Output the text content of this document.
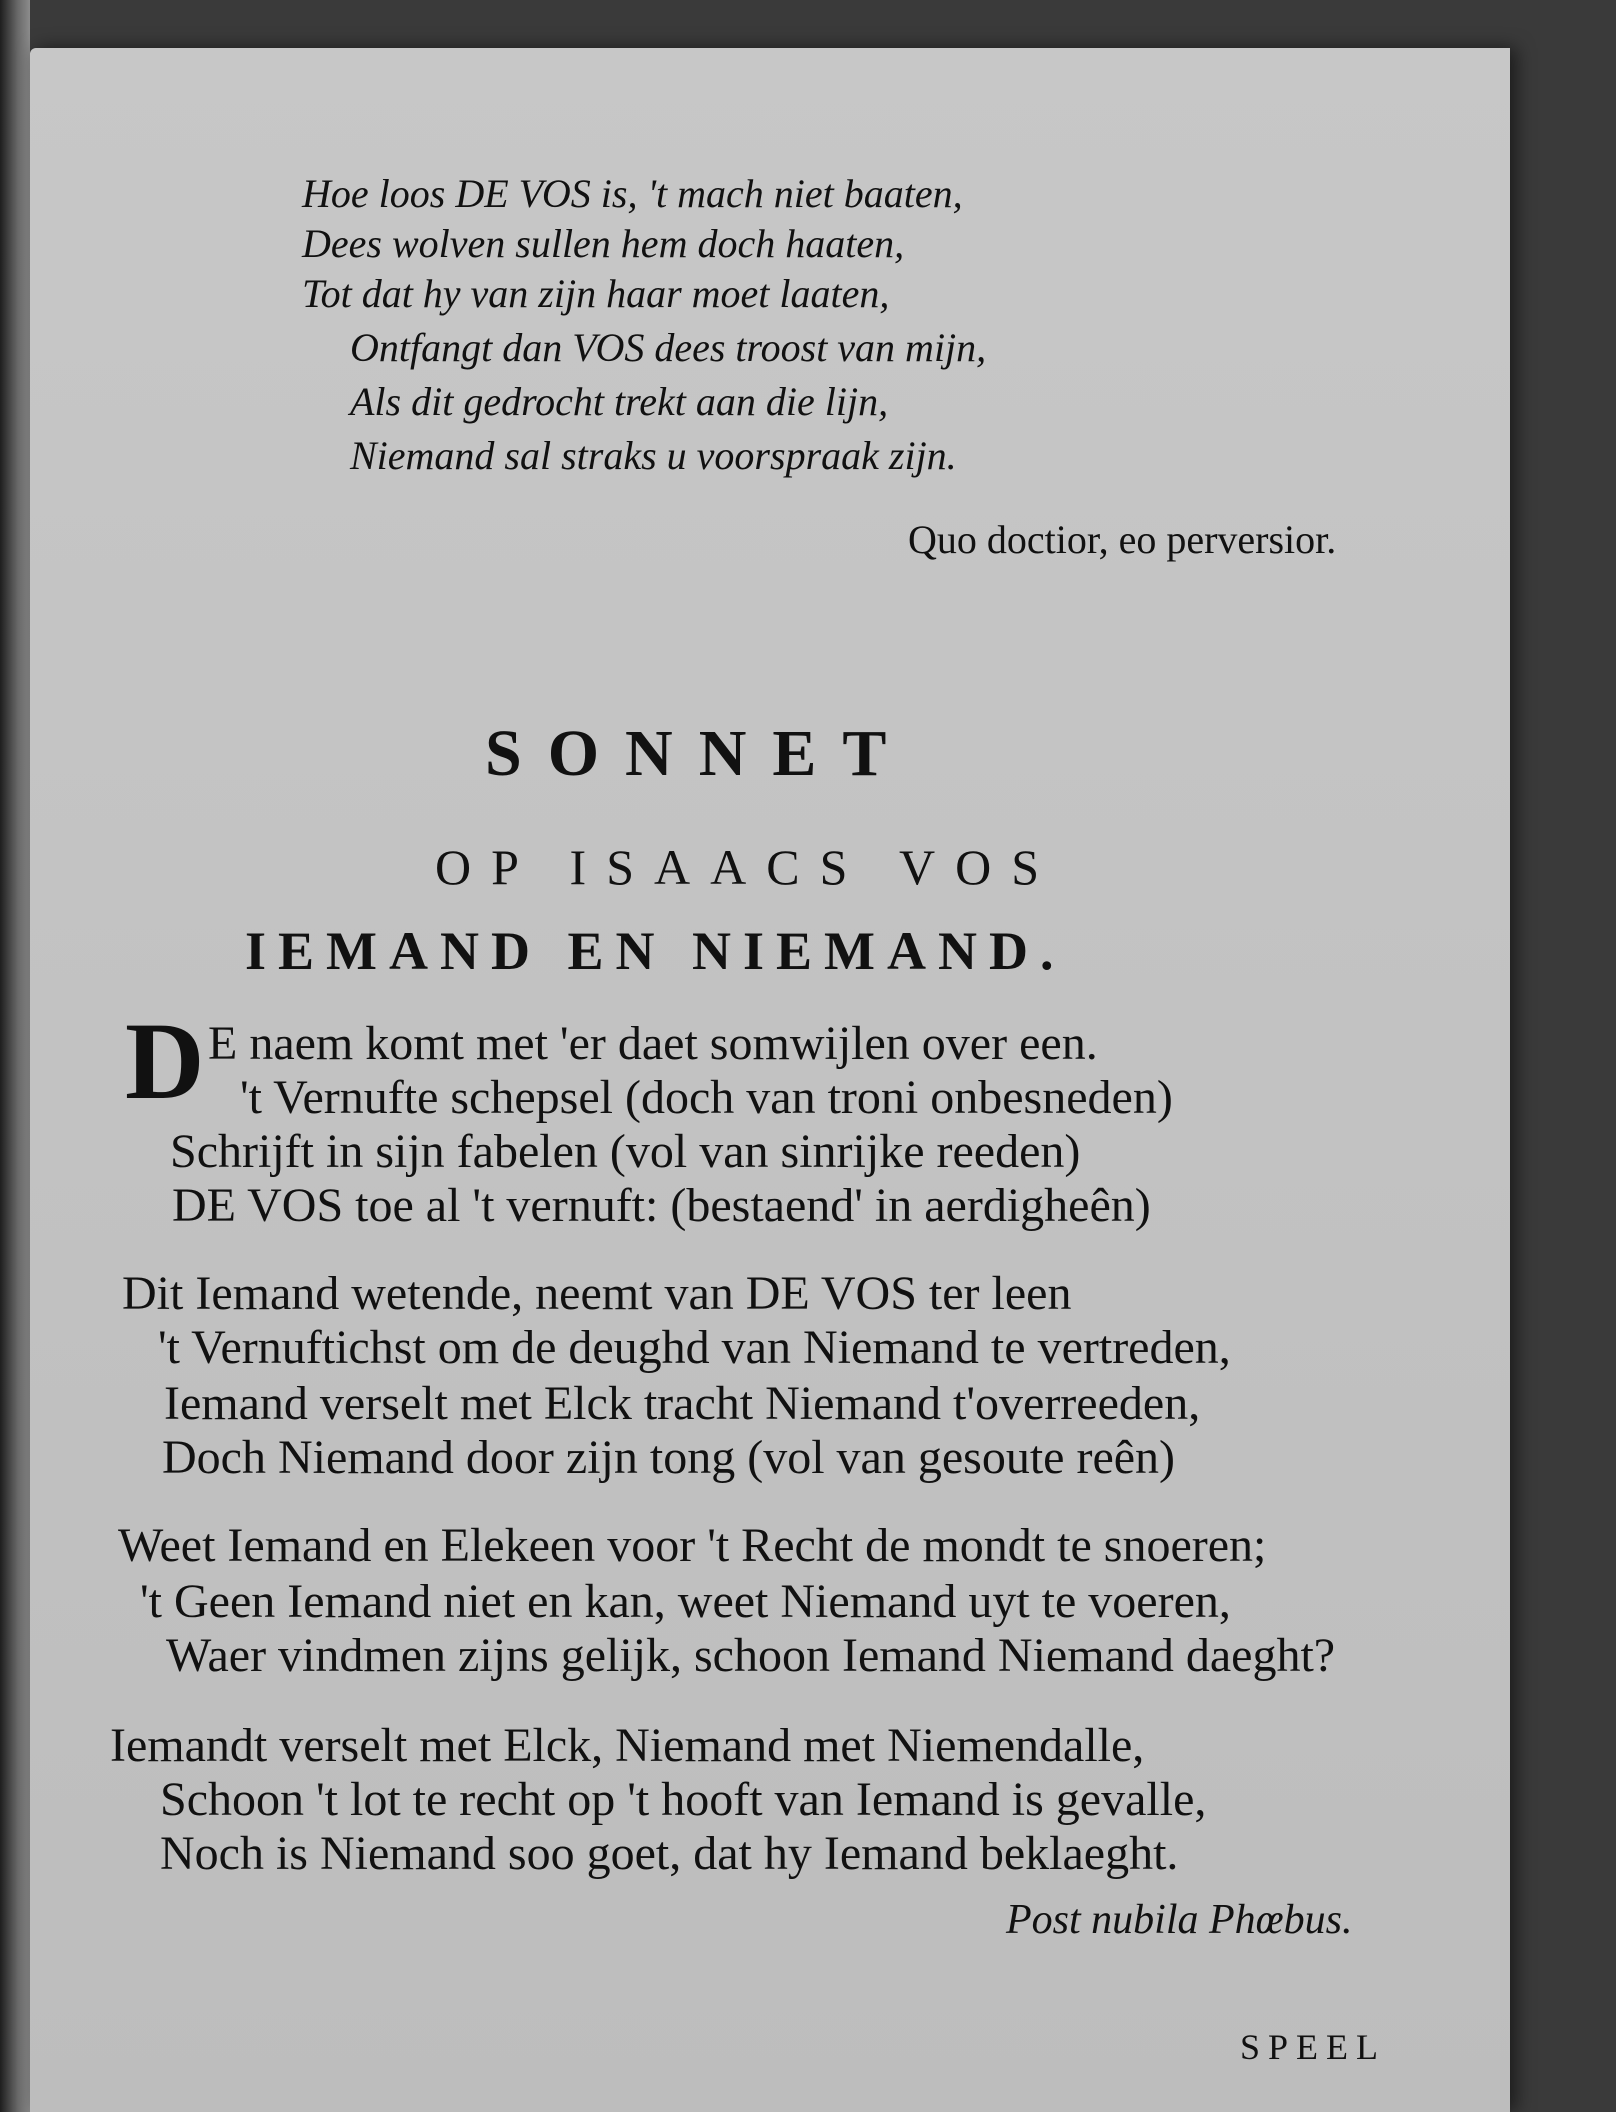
Hoe loos DE VOS is, 't mach niet baaten,
Dees wolven sullen hem doch haaten,
Tot dat hy van zijn haar moet laaten,
Ontfangt dan VOS dees troost van mijn,
Als dit gedrocht trekt aan die lijn,
Niemand sal straks u voorspraak zijn.
Quo doctior, eo perversior.
SONNET
OP ISAACS VOS
IEMAND EN NIEMAND.
D E naem komt met 'er daet somwijlen over een.
't Vernufte schepsel (doch van troni onbesneden)
Schrijft in sijn fabelen (vol van sinrijke reeden)
DE VOS toe al 't vernuft: (bestaend' in aerdigheên)
Dit Iemand wetende, neemt van DE VOS ter leen
't Vernuftichst om de deughd van Niemand te vertreden,
Iemand verselt met Elck tracht Niemand t'overreeden,
Doch Niemand door zijn tong (vol van gesoute reên)
Weet Iemand en Elekeen voor 't Recht de mondt te snoeren;
't Geen Iemand niet en kan, weet Niemand uyt te voeren,
Waer vindmen zijns gelijk, schoon Iemand Niemand daeght?
Iemandt verselt met Elck, Niemand met Niemendalle,
Schoon 't lot te recht op 't hooft van Iemand is gevalle,
Noch is Niemand soo goet, dat hy Iemand beklaeght.
Post nubila Phœbus.
SPEEL
